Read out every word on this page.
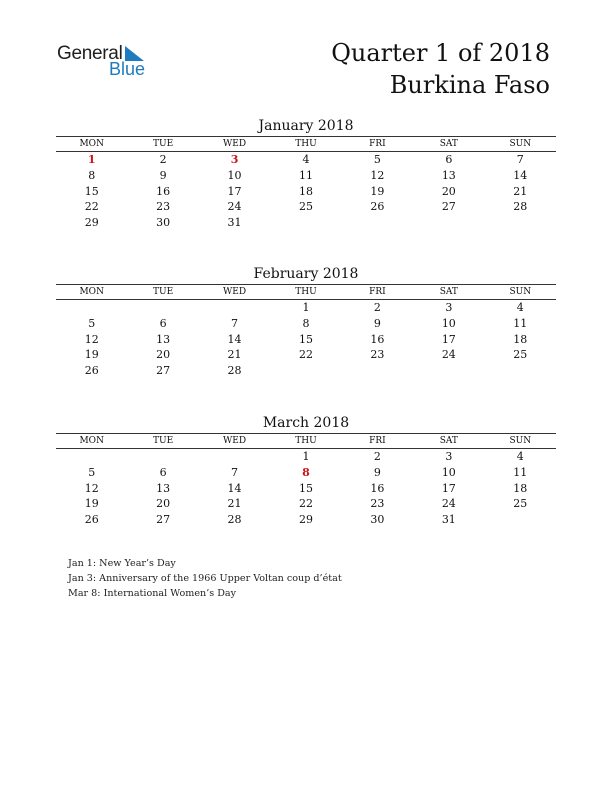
General
Blue
Quarter 1 of 2018
Burkina Faso
January 2018
MON	TUE	WED	THU	FRI	SAT	SUN
1	2	3	4	5	6	7
8	9	10	11	12	13	14
15	16	17	18	19	20	21
22	23	24	25	26	27	28
29	30	31				
February 2018
MON	TUE	WED	THU	FRI	SAT	SUN
			1	2	3	4
5	6	7	8	9	10	11
12	13	14	15	16	17	18
19	20	21	22	23	24	25
26	27	28				
March 2018
MON	TUE	WED	THU	FRI	SAT	SUN
			1	2	3	4
5	6	7	8	9	10	11
12	13	14	15	16	17	18
19	20	21	22	23	24	25
26	27	28	29	30	31	
Jan 1: New Year’s Day
Jan 3: Anniversary of the 1966 Upper Voltan coup d’état
Mar 8: International Women’s Day
